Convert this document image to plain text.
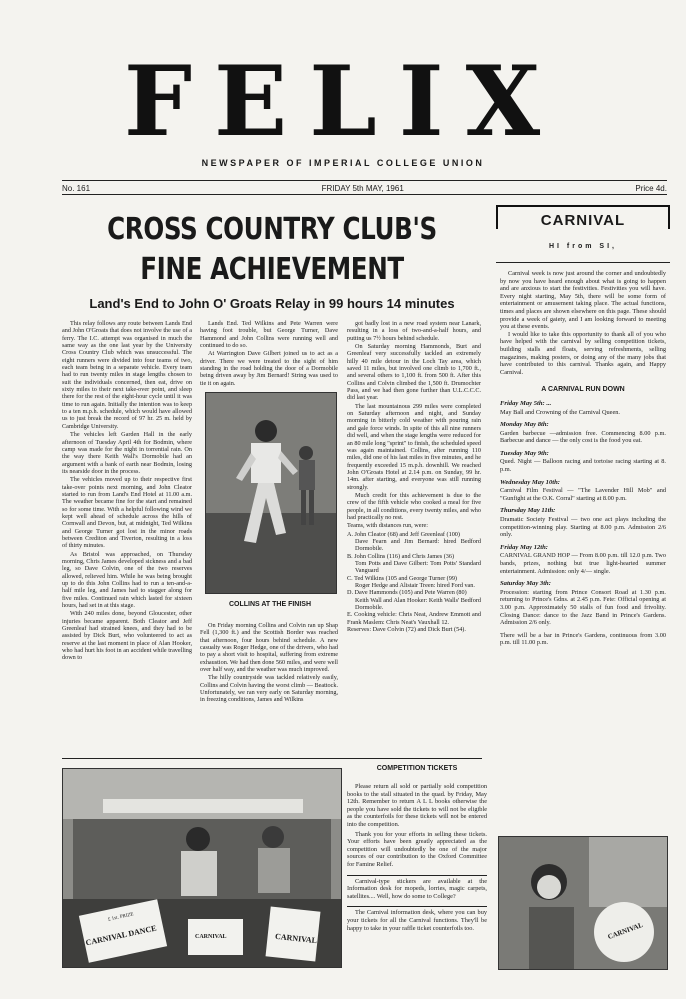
FELIX
NEWSPAPER OF IMPERIAL COLLEGE UNION
No. 161	FRIDAY 5th MAY, 1961	Price 4d.
CROSS COUNTRY CLUB'S
FINE ACHIEVEMENT
Land's End to John O' Groats Relay in 99 hours 14 minutes

This relay follows any route between Lands End and John O'Groats that does not involve the use of a ferry. The I.C. attempt was organised in much the same way as the one last year by the University Cross Country Club which was unsuccessful. The eight runners were divided into four teams of two, each team being in a separate vehicle. Every team had to run twenty miles in stage lengths chosen to suit the individuals concerned, then eat, drive on sixty miles to their next take-over point, and sleep there for the rest of the eight-hour cycle until it was time to run again. Initially the intention was to keep to a ten m.p.h. schedule, which would have allowed us to just break the record of 97 hr. 25 m. held by Cambridge University.

The vehicles left Garden Hall in the early afternoon of Tuesday April 4th for Bodmin, where camp was made for the night in torrential rain. On the way there Keith Wall's Dormobile had an argument with a bank of earth near Bodmin, losing its nearside door in the process.

The vehicles moved up to their respective first take-over points next morning, and John Cleator started to run from Land's End Hotel at 11.00 a.m. The weather became fine for the start and remained so for some time. With a helpful following wind we kept well ahead of schedule across the hills of Cornwall and Devon, but, at midnight, Ted Wilkins and George Turner got lost in the minor roads between Crediton and Tiverton, resulting in a loss of thirty minutes.

As Bristol was approached, on Thursday morning, Chris James developed sickness and a bad leg, so Dave Colvin, one of the two reserves allowed, relieved him. While he was being brought up to do this John Collins had to run a ten-and-a-half mile leg, and James had to stagger along for five miles. Continued rain which lasted for sixteen hours, had set in at this stage.

With 240 miles done, beyond Gloucester, other injuries became apparent. Both Cleator and Jeff Greenleaf had strained knees, and they had to be assisted by Dick Burt, who volunteered to act as reserve at the last moment in place of Alan Hooker, who had hurt his foot in an accident while travelling down to

Lands End. Ted Wilkins and Pete Warren were having foot trouble, but George Turner, Dave Hammond and John Collins were running well and continued to do so.

At Warrington Dave Gilbert joined us to act as a driver. There we were treated to the sight of him standing in the road holding the door of a Dormobile being driven away by Jim Bernard! String was used to tie it on again.

COLLINS AT THE FINISH

On Friday morning Collins and Colvin ran up Shap Fell (1,300 ft.) and the Scottish Border was reached that afternoon, four hours behind schedule. A new casualty was Roger Hedge, one of the drivers, who had to pay a short visit to hospital, suffering from extreme exhaustion. We had then done 560 miles, and were well over half way, and the weather was much improved.

The hilly countryside was tackled relatively easily, Collins and Colvin having the worst climb — Beattock. Unfortunately, we ran very early on Saturday morning, in freezing conditions, James and Wilkins

got badly lost in a new road system near Lanark, resulting in a loss of two-and-a-half hours, and putting us 7½ hours behind schedule.

On Saturday morning Hammonds, Burt and Greenleaf very successfully tackled an extremely hilly 40 mile detour in the Loch Tay area, which saved 11 miles, but involved one climb to 1,700 ft., and several others to 1,100 ft. from 500 ft. After this Collins and Colvin climbed the 1,500 ft. Drumochter Pass, and we had then gone further than U.L.C.C.C. did last year.

The last mountainous 299 miles were completed on Saturday afternoon and night, and Sunday morning in bitterly cold weather with pouring rain and gale force winds. In spite of this all nine runners did well, and when the stage lengths were reduced for an 80 mile long "sprint" to finish, the scheduled speed was again maintained. Collins, after running 110 miles, did one of his last miles in five minutes, and he frequently exceeded 15 m.p.h. downhill. We reached John O'Groats Hotel at 2.14 p.m. on Sunday, 99 hr. 14m. after starting, and everyone was still running strongly.

Much credit for this achievement is due to the crew of the fifth vehicle who cooked a meal for five people, in all conditions, every twenty miles, and who had practically no rest.

Teams, with distances run, were:

A. John Cleator (68) and Jeff Greenleaf (100)
Dave Fearn and Jim Bernard: hired Bedford Dormobile.
B. John Collins (116) and Chris James (36)
Tom Potts and Dave Gilbert: Tom Potts' Standard Vanguard
C. Ted Wilkins (105 and George Turner (99)
Roger Hedge and Alistair Treen: hired Ford van.
D. Dave Hammonds (105) and Pete Warren (80)
Keith Wall and Alan Hooker: Keith Walls' Bedford Dormobile.
E. Cooking vehicle: Chris Neat, Andrew Emmott and Frank Maslem: Chris Neat's Vauxhall 12.
Reserves: Dave Colvin (72) and Dick Burt (54).
CARNIVAL
HI from SI,
Carnival week is now just around the corner and undoubtedly by now you have heard enough about what is going to happen and are anxious to start the festivities. Festivities you will have. Every night starting, May 5th, there will be some form of entertainment or amusement taking place. The actual functions, times and places are shown elsewhere on this page. These should provide a week of gaiety, and I am looking forward to meeting you at these events.
I would like to take this opportunity to thank all of you who have helped with the carnival by selling competition tickets, building stalls and floats, serving refreshments, selling magazines, making posters, or doing any of the many jobs that have contributed to this carnival. Thanks again, and Happy Carnival.
A CARNIVAL RUN DOWN
Friday May 5th: ...
May Ball and Crowning of the Carnival Queen.
Monday May 8th:
Garden barbecue —admission free. Commencing 8.00 p.m. Barbecue and dance — the only cost is the food you eat.
Tuesday May 9th:
Qued. Night — Balloon racing and tortoise racing starting at 8. p.m.
Wednesday May 10th:
Carnival Film Festival — "The Lavender Hill Mob" and "Gunfight at the O.K. Corral" starting at 8.00 p.m.
Thursday May 11th:
Dramatic Society Festival — two one act plays including the competition-winning play. Starting at 8.00 p.m. Admission 2/6 only.
Friday May 12th:
CARNIVAL GRAND HOP — From 8.00 p.m. till 12.0 p.m. Two bands, prizes, nothing but true light-hearted summer entertainment. Admission: only 4/— single.
Saturday May 3th:
Procession: starting from Prince Consort Road at 1.30 p.m. returning to Prince's Gdns. at 2.45 p.m. Fete: Official opening at 3.00 p.m. Approximately 50 stalls of fun food and frivolity. Closing Dance: dance to the Jazz Band in Prince's Gardens. Admission 2/6 only.
There will be a bar in Prince's Gardens, continuous from 3.00 p.m. till 11.00 p.m.
CARNIVAL DANCE
£ 1st. PRIZE
CARNIVAL	CARNIVAL
COMPETITION TICKETS
Please return all sold or partially sold competition books to the stall situated in the quad. by Friday, May 12th. Remember to return A L L books otherwise the people you have sold the tickets to will not be eligible as the counterfoils for these tickets will not be entered into the competition.
Thank you for your efforts in selling these tickets. Your efforts have been greatly appreciated as the competition will undoubtedly be one of the major sources of our contribution to the Oxford Committee for Famine Relief.
Carnival-type stickers are available at the Information desk for mopeds, lorries, magic carpets, satellites.... Well, how do some to College?
The Carnival information desk, where you can buy your tickets for all the Carnival functions. They'll be happy to take in your raffle ticket counterfoils too.	CARNIVAL
